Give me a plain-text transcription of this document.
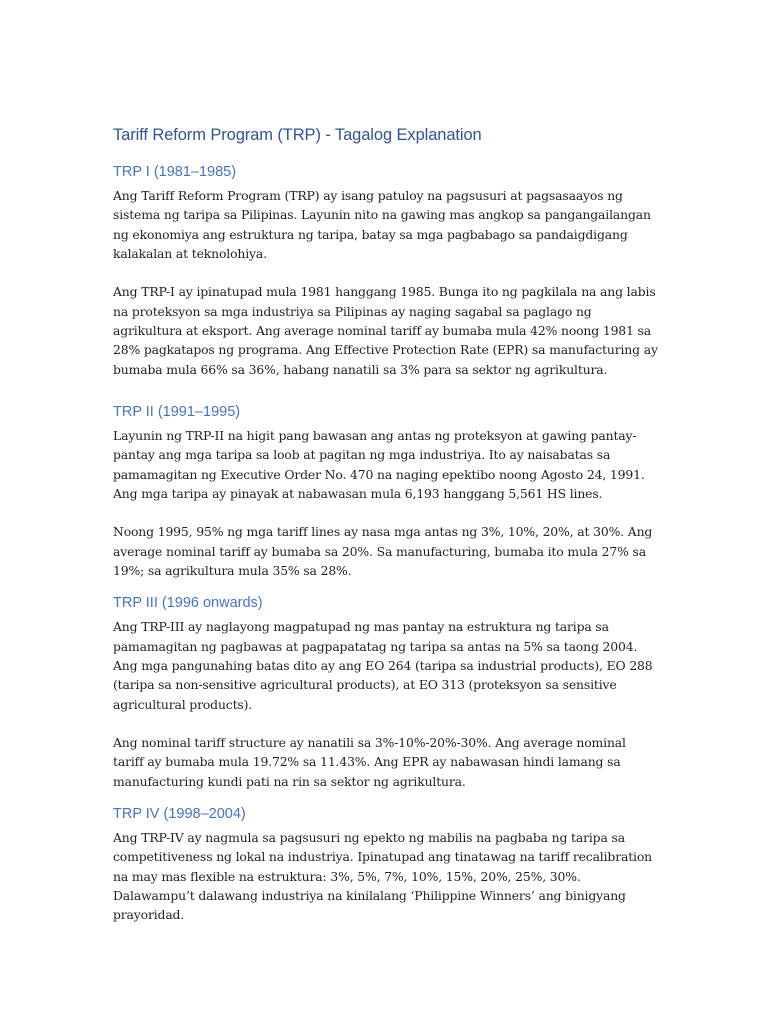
Tariff Reform Program (TRP) - Tagalog Explanation
TRP I (1981–1985)

Ang Tariff Reform Program (TRP) ay isang patuloy na pagsusuri at pagsasaayos ng sistema ng taripa sa Pilipinas. Layunin nito na gawing mas angkop sa pangangailangan ng ekonomiya ang estruktura ng taripa, batay sa mga pagbabago sa pandaigdigang kalakalan at teknolohiya.

Ang TRP-I ay ipinatupad mula 1981 hanggang 1985. Bunga ito ng pagkilala na ang labis na proteksyon sa mga industriya sa Pilipinas ay naging sagabal sa paglago ng agrikultura at eksport. Ang average nominal tariff ay bumaba mula 42% noong 1981 sa 28% pagkatapos ng programa. Ang Effective Protection Rate (EPR) sa manufacturing ay bumaba mula 66% sa 36%, habang nanatili sa 3% para sa sektor ng agrikultura.

TRP II (1991–1995)

Layunin ng TRP-II na higit pang bawasan ang antas ng proteksyon at gawing pantay-pantay ang mga taripa sa loob at pagitan ng mga industriya. Ito ay naisabatas sa pamamagitan ng Executive Order No. 470 na naging epektibo noong Agosto 24, 1991. Ang mga taripa ay pinayak at nabawasan mula 6,193 hanggang 5,561 HS lines.

Noong 1995, 95% ng mga tariff lines ay nasa mga antas ng 3%, 10%, 20%, at 30%. Ang average nominal tariff ay bumaba sa 20%. Sa manufacturing, bumaba ito mula 27% sa 19%; sa agrikultura mula 35% sa 28%.

TRP III (1996 onwards)

Ang TRP-III ay naglayong magpatupad ng mas pantay na estruktura ng taripa sa pamamagitan ng pagbawas at pagpapatatag ng taripa sa antas na 5% sa taong 2004. Ang mga pangunahing batas dito ay ang EO 264 (taripa sa industrial products), EO 288 (taripa sa non-sensitive agricultural products), at EO 313 (proteksyon sa sensitive agricultural products).

Ang nominal tariff structure ay nanatili sa 3%-10%-20%-30%. Ang average nominal tariff ay bumaba mula 19.72% sa 11.43%. Ang EPR ay nabawasan hindi lamang sa manufacturing kundi pati na rin sa sektor ng agrikultura.

TRP IV (1998–2004)

Ang TRP-IV ay nagmula sa pagsusuri ng epekto ng mabilis na pagbaba ng taripa sa competitiveness ng lokal na industriya. Ipinatupad ang tinatawag na tariff recalibration na may mas flexible na estruktura: 3%, 5%, 7%, 10%, 15%, 20%, 25%, 30%. Dalawampu’t dalawang industriya na kinilalang ‘Philippine Winners’ ang binigyang prayoridad.
